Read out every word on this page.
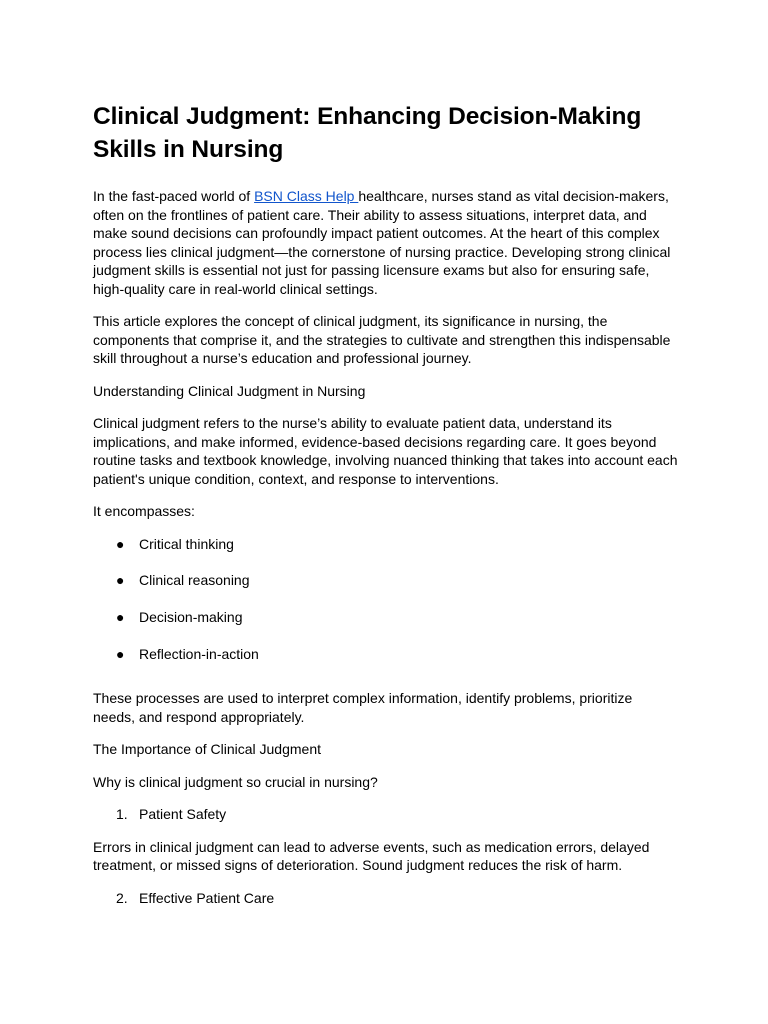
Clinical Judgment: Enhancing Decision-Making Skills in Nursing

In the fast-paced world of BSN Class Help healthcare, nurses stand as vital decision-makers, often on the frontlines of patient care. Their ability to assess situations, interpret data, and make sound decisions can profoundly impact patient outcomes. At the heart of this complex process lies clinical judgment—the cornerstone of nursing practice. Developing strong clinical judgment skills is essential not just for passing licensure exams but also for ensuring safe, high-quality care in real-world clinical settings.

This article explores the concept of clinical judgment, its significance in nursing, the components that comprise it, and the strategies to cultivate and strengthen this indispensable skill throughout a nurse’s education and professional journey.

Understanding Clinical Judgment in Nursing

Clinical judgment refers to the nurse’s ability to evaluate patient data, understand its implications, and make informed, evidence-based decisions regarding care. It goes beyond routine tasks and textbook knowledge, involving nuanced thinking that takes into account each patient's unique condition, context, and response to interventions.

It encompasses:

● Critical thinking
● Clinical reasoning
● Decision-making
● Reflection-in-action

These processes are used to interpret complex information, identify problems, prioritize needs, and respond appropriately.

The Importance of Clinical Judgment

Why is clinical judgment so crucial in nursing?

1. Patient Safety

Errors in clinical judgment can lead to adverse events, such as medication errors, delayed treatment, or missed signs of deterioration. Sound judgment reduces the risk of harm.

2. Effective Patient Care
